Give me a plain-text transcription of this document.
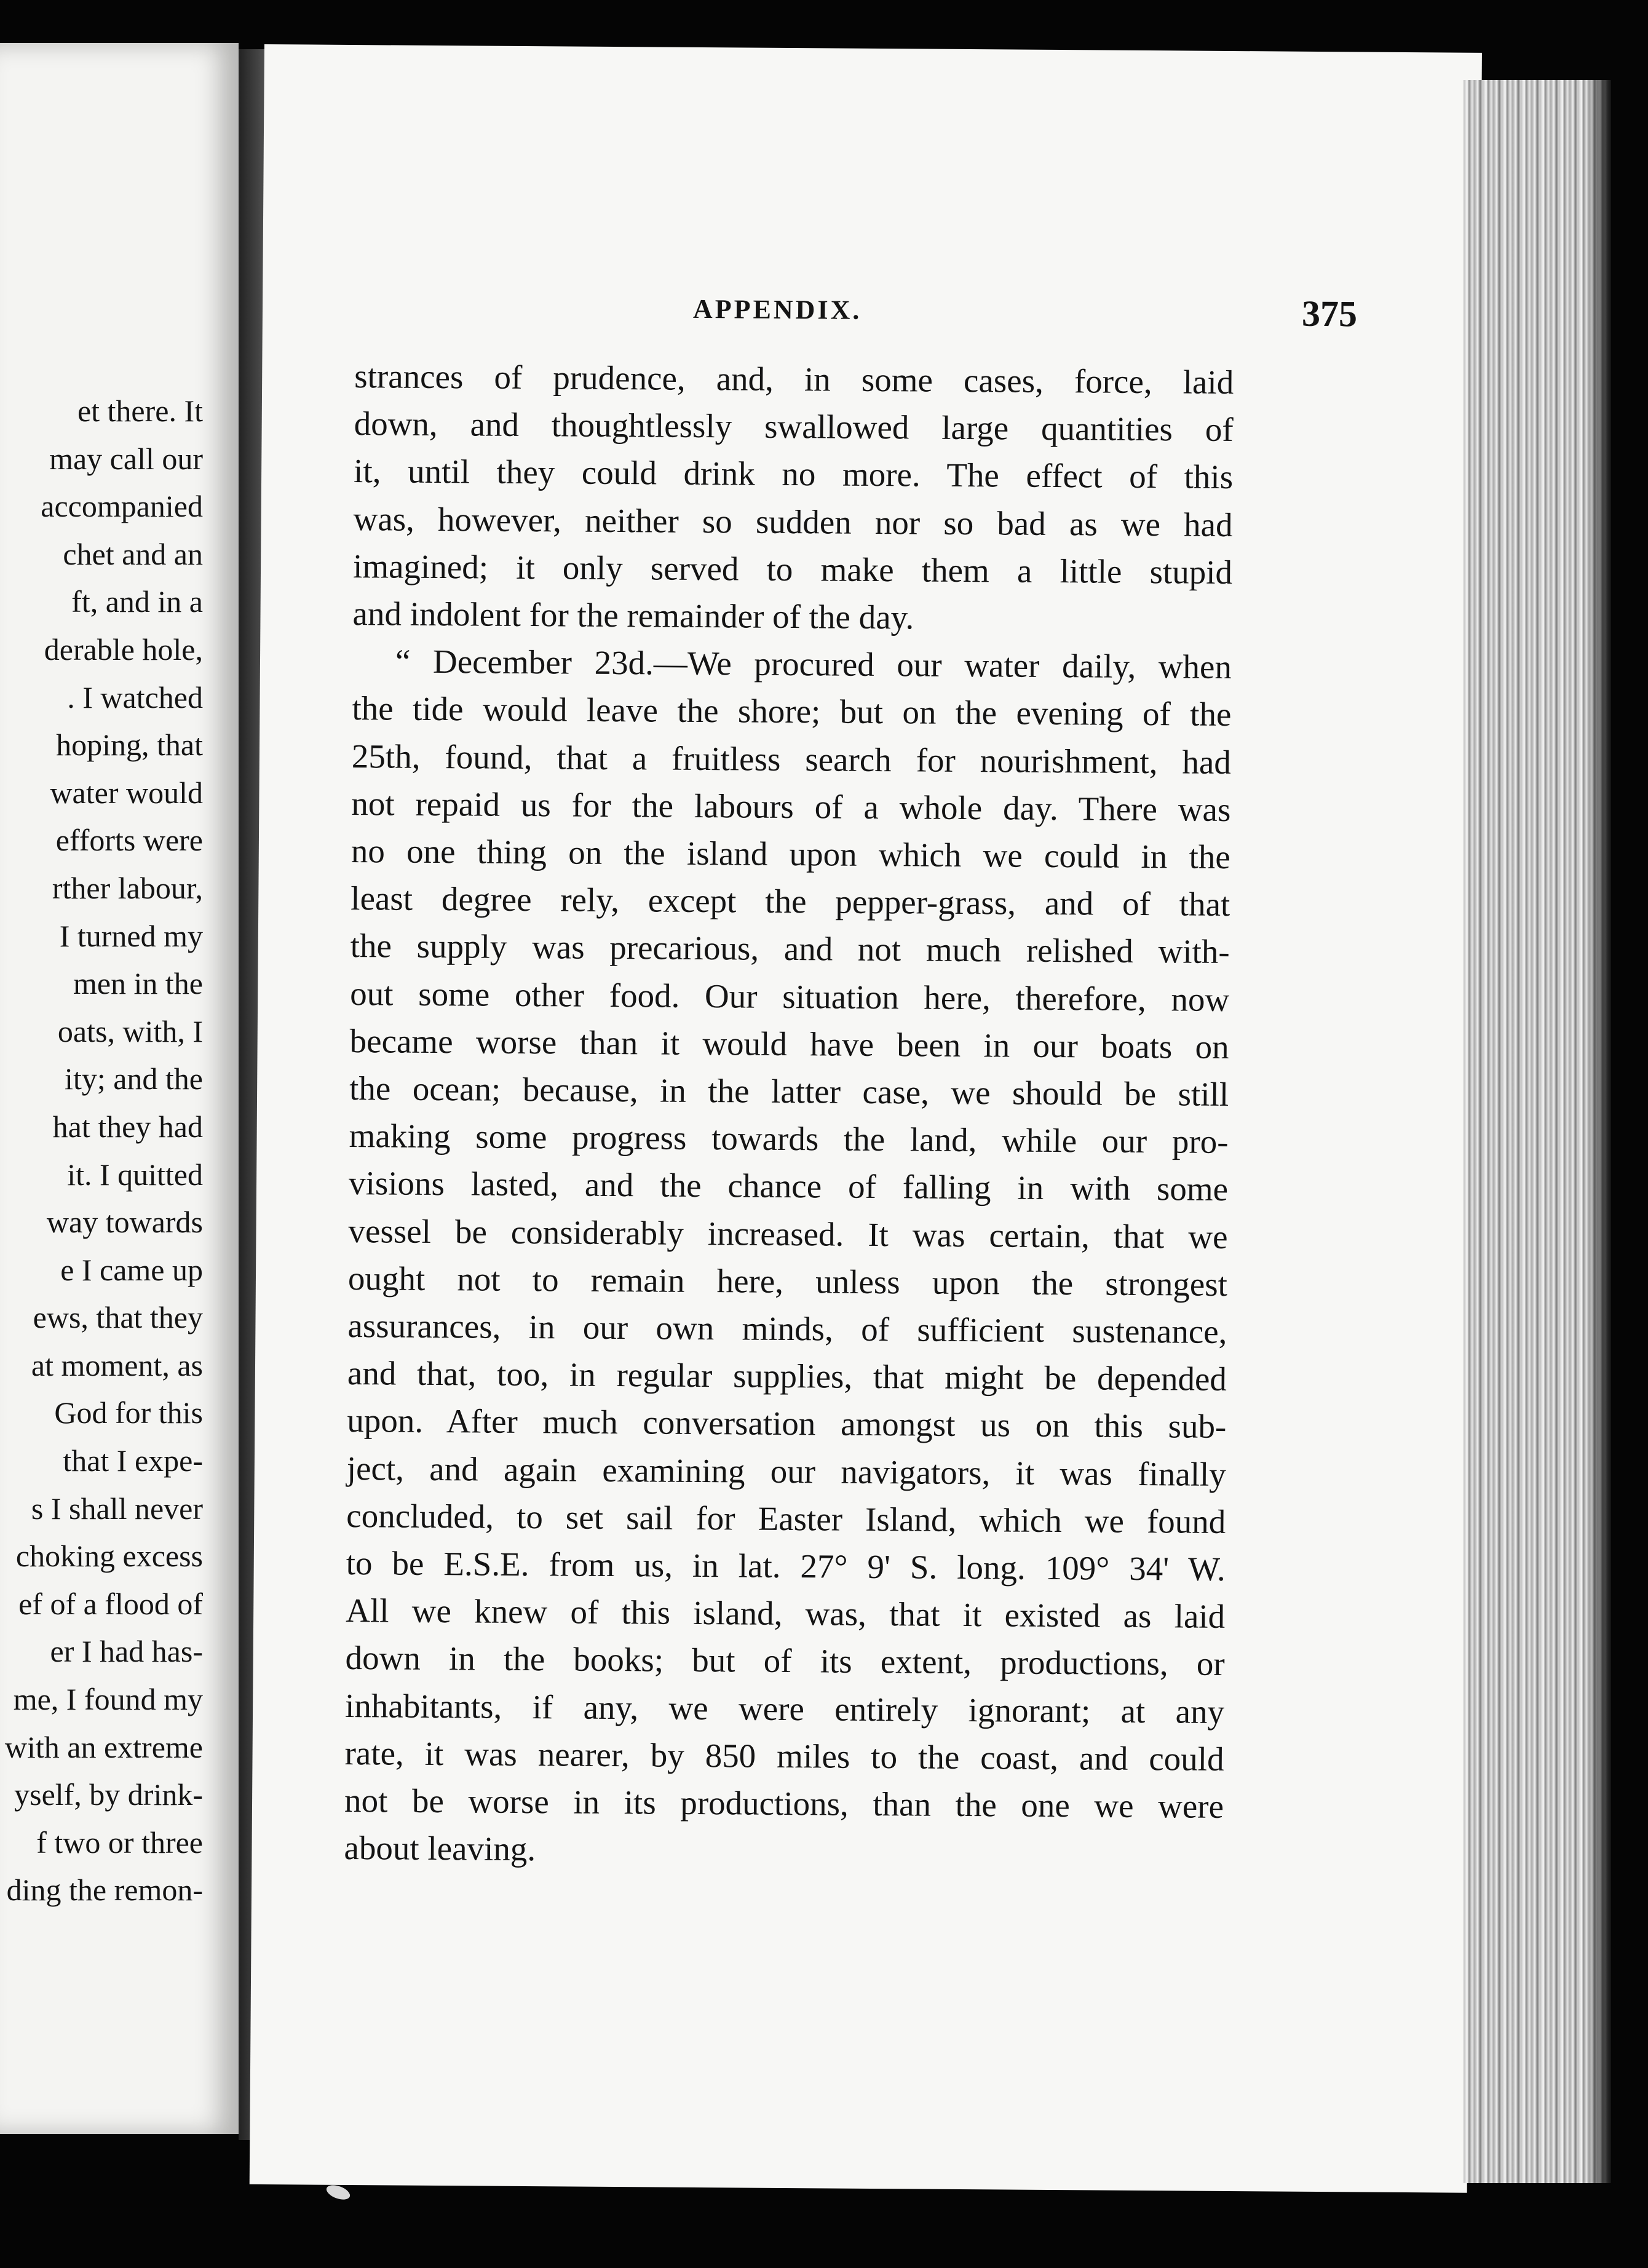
et there. It
may call our
accompanied
chet and an
ft, and in a
derable hole,
. I watched
hoping, that
water would
efforts were
rther labour,
I turned my
men in the
oats, with, I
ity; and the
hat they had
it. I quitted
way towards
e I came up
ews, that they
at moment, as
God for this
that I expe-
s I shall never
choking excess
ef of a flood of
er I had has-
me, I found my
with an extreme
yself, by drink-
f two or three
ding the remon-
APPENDIX.	375
strances of prudence, and, in some cases, force, laid
down, and thoughtlessly swallowed large quantities of
it, until they could drink no more. The effect of this
was, however, neither so sudden nor so bad as we had
imagined; it only served to make them a little stupid
and indolent for the remainder of the day.
“ December 23d.—We procured our water daily, when
the tide would leave the shore; but on the evening of the
25th, found, that a fruitless search for nourishment, had
not repaid us for the labours of a whole day. There was
no one thing on the island upon which we could in the
least degree rely, except the pepper-grass, and of that
the supply was precarious, and not much relished with-
out some other food. Our situation here, therefore, now
became worse than it would have been in our boats on
the ocean; because, in the latter case, we should be still
making some progress towards the land, while our pro-
visions lasted, and the chance of falling in with some
vessel be considerably increased. It was certain, that we
ought not to remain here, unless upon the strongest
assurances, in our own minds, of sufficient sustenance,
and that, too, in regular supplies, that might be depended
upon. After much conversation amongst us on this sub-
ject, and again examining our navigators, it was finally
concluded, to set sail for Easter Island, which we found
to be E.S.E. from us, in lat. 27° 9' S. long. 109° 34' W.
All we knew of this island, was, that it existed as laid
down in the books; but of its extent, productions, or
inhabitants, if any, we were entirely ignorant; at any
rate, it was nearer, by 850 miles to the coast, and could
not be worse in its productions, than the one we were
about leaving.
